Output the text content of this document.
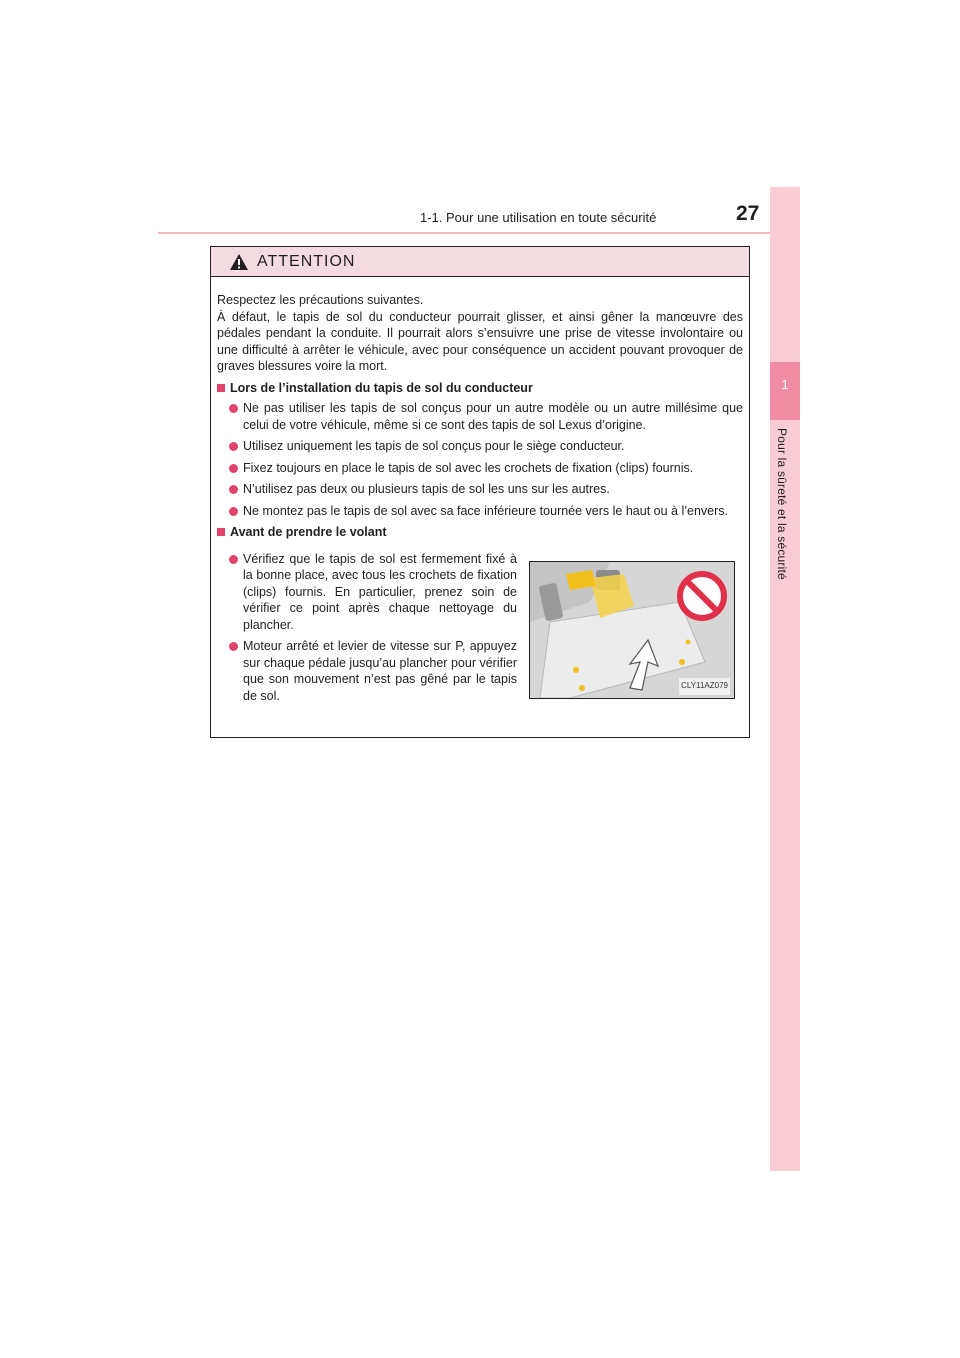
1-1. Pour une utilisation en toute sécurité	27
1
Pour la sûreté et la sécurité
ATTENTION

Respectez les précautions suivantes.

À défaut, le tapis de sol du conducteur pourrait glisser, et ainsi gêner la manœuvre des pédales pendant la conduite. Il pourrait alors s’ensuivre une prise de vitesse involontaire ou une difficulté à arrêter le véhicule, avec pour conséquence un accident pouvant provoquer de graves blessures voire la mort.

Lors de l’installation du tapis de sol du conducteur
Ne pas utiliser les tapis de sol conçus pour un autre modèle ou un autre millésime que celui de votre véhicule, même si ce sont des tapis de sol Lexus d’origine.
Utilisez uniquement les tapis de sol conçus pour le siège conducteur.
Fixez toujours en place le tapis de sol avec les crochets de fixation (clips) fournis.
N’utilisez pas deux ou plusieurs tapis de sol les uns sur les autres.
Ne montez pas le tapis de sol avec sa face inférieure tournée vers le haut ou à l’envers.
Avant de prendre le volant
Vérifiez que le tapis de sol est fermement fixé à la bonne place, avec tous les crochets de fixation (clips) fournis. En particulier, prenez soin de vérifier ce point après chaque nettoyage du plancher.
Moteur arrêté et levier de vitesse sur P, appuyez sur chaque pédale jusqu’au plancher pour vérifier que son mouvement n’est pas gêné par le tapis de sol.
CLY11AZ079
